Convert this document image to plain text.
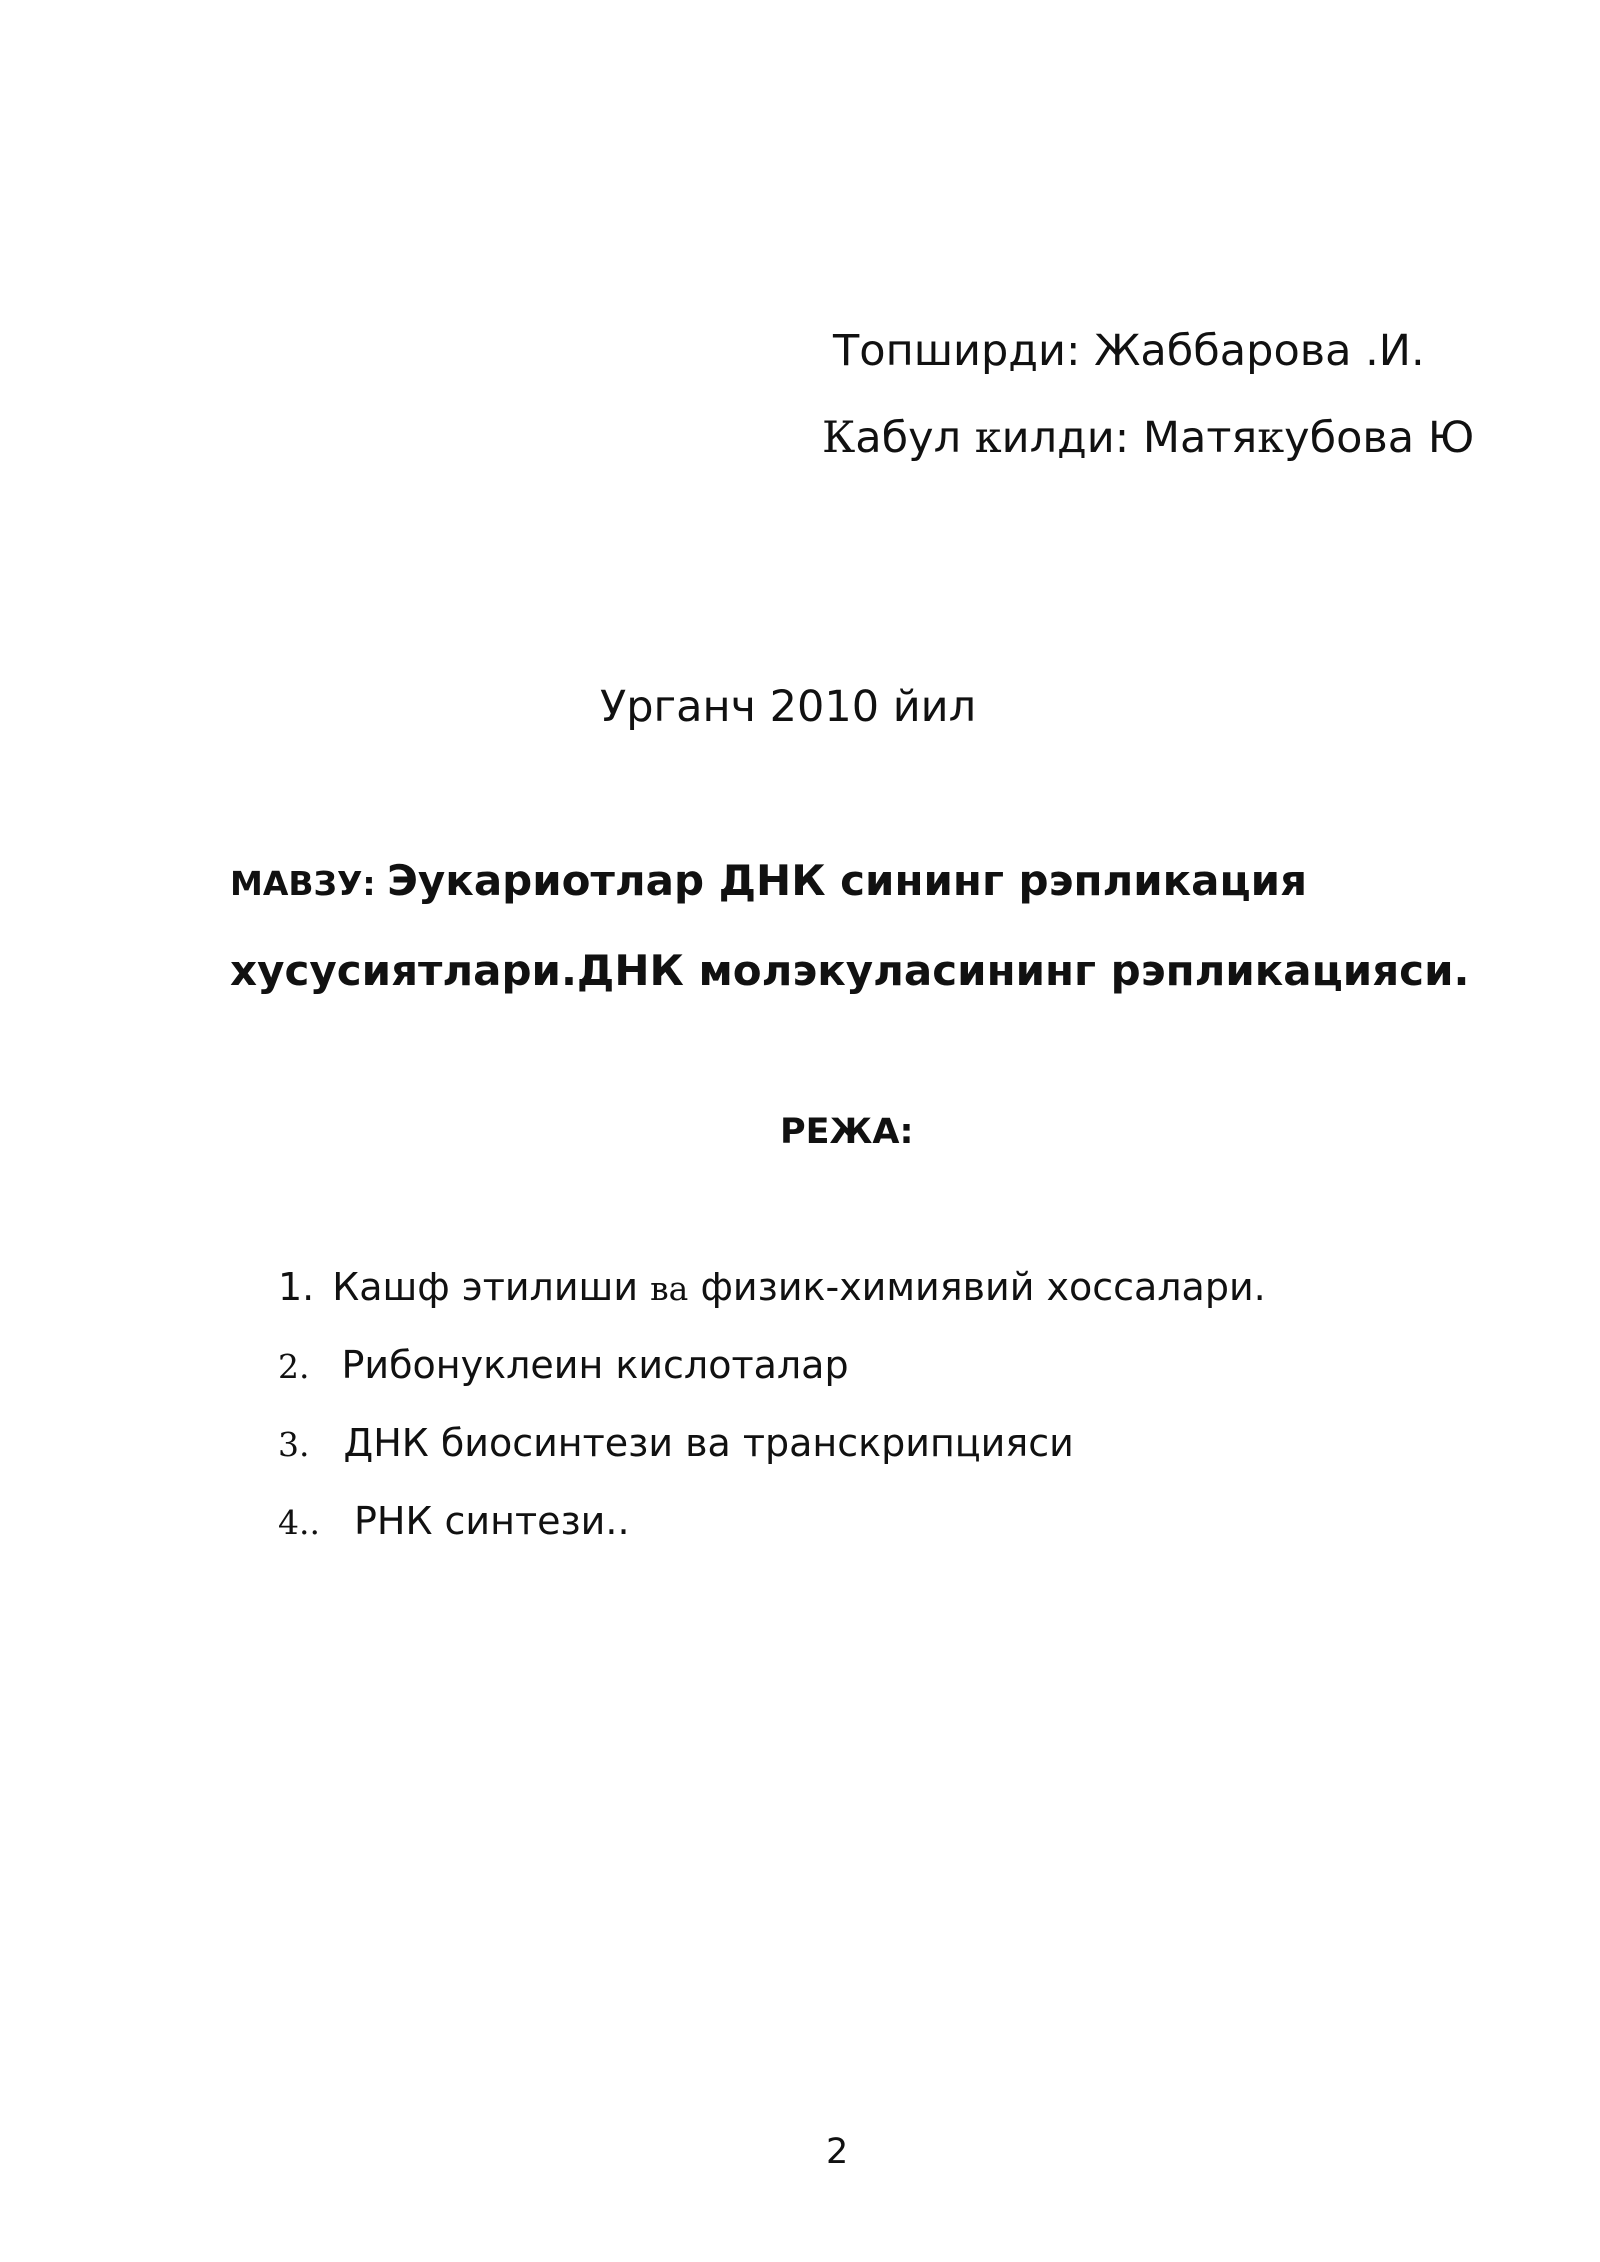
Топширди: Жаббарова .И.
Кабул килди: Матякубова Ю
Урганч 2010 йил
МАВЗУ: Эукариотлар ДНК сининг рэпликация
хусусиятлари.ДНК молэкуласининг рэпликацияси.
РЕЖА:
1. Кашф этилиши ва физик-химиявий хоссалари.
2. Рибонуклеин кислоталар
3. ДНК биосинтези ва транскрипцияси
4.. РНК синтези..
2
